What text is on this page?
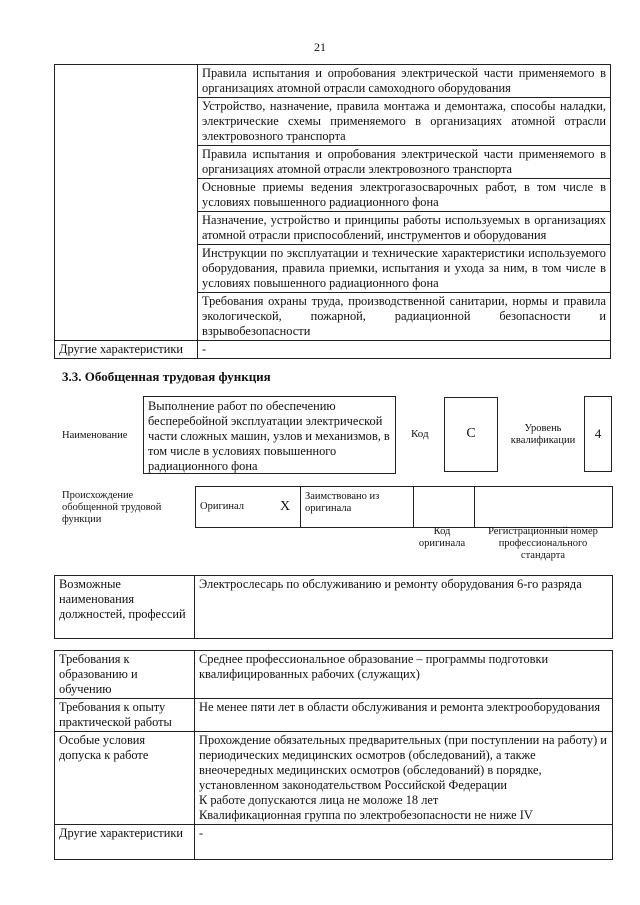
21
	Правила испытания и опробования электрической части применяемого в организациях атомной отрасли самоходного оборудования
	Устройство, назначение, правила монтажа и демонтажа, способы наладки, электрические схемы применяемого в организациях атомной отрасли электровозного транспорта
	Правила испытания и опробования электрической части применяемого в организациях атомной отрасли электровозного транспорта
	Основные приемы ведения электрогазосварочных работ, в том числе в условиях повышенного радиационного фона
	Назначение, устройство и принципы работы используемых в организациях атомной отрасли приспособлений, инструментов и оборудования
	Инструкции по эксплуатации и технические характеристики используемого оборудования, правила приемки, испытания и ухода за ним, в том числе в условиях повышенного радиационного фона
	Требования охраны труда, производственной санитарии, нормы и правила экологической, пожарной, радиационной безопасности и взрывобезопасности
Другие характеристики	-
3.3. Обобщенная трудовая функция
Наименование
Выполнение работ по обеспечению бесперебойной эксплуатации электрической части сложных машин, узлов и механизмов, в том числе в условиях повышенного радиационного фона
Код	C	Уровень квалификации	4
Происхождение обобщенной трудовой функции
Оригинал	X	Заимствовано из оригинала		
Код оригинала
Регистрационный номер профессионального стандарта
Возможные наименования должностей, профессий	Электрослесарь по обслуживанию и ремонту оборудования 6-го разряда
Требования к образованию и обучению	Среднее профессиональное образование – программы подготовки квалифицированных рабочих (служащих)

Требования к опыту практической работы	Не менее пяти лет в области обслуживания и ремонта электрооборудования

Особые условия допуска к работе	Прохождение обязательных предварительных (при поступлении на работу) и периодических медицинских осмотров (обследований), а также внеочередных медицинских осмотров (обследований) в порядке, установленном законодательством Российской Федерации
К работе допускаются лица не моложе 18 лет
Квалификационная группа по электробезопасности не ниже IV

Другие характеристики	-
